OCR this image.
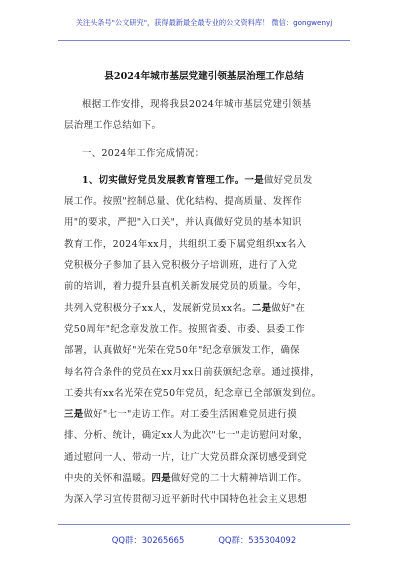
关注头条号"公文研究"，获得最新最全最专业的公文资料库！ 微信：gongwenyj
县2024年城市基层党建引领基层治理工作总结
根据工作安排，现将我县2024年城市基层党建引领基
层治理工作总结如下。
一、2024年工作完成情况：
1、切实做好党员发展教育管理工作。一是做好党员发
展工作。按照"控制总量、优化结构、提高质量、发挥作
用"的要求，严把"入口关"，并认真做好党员的基本知识
教育工作，2024年xx月，共组织工委下属党组织xx名入
党积极分子参加了县入党积极分子培训班，进行了入党
前的培训，着力提升县直机关新发展党员的质量。今年，
共列入党积极分子xx人，发展新党员xx名。二是做好"在
党50周年"纪念章发放工作。按照省委、市委、县委工作
部署，认真做好"光荣在党50年"纪念章颁发工作，确保
每名符合条件的党员在xx月xx日前获颁纪念章。通过摸排，
工委共有xx名光荣在党50年党员，纪念章已全部颁发到位。
三是做好"七一"走访工作。对工委生活困难党员进行摸
排、分析、统计，确定xx人为此次"七一"走访慰问对象，
通过慰问一人、带动一片，让广大党员群众深切感受到党
中央的关怀和温暖。四是做好党的二十大精神培训工作。
为深入学习宣传贯彻习近平新时代中国特色社会主义思想
QQ群：30265665	QQ群：535304092
